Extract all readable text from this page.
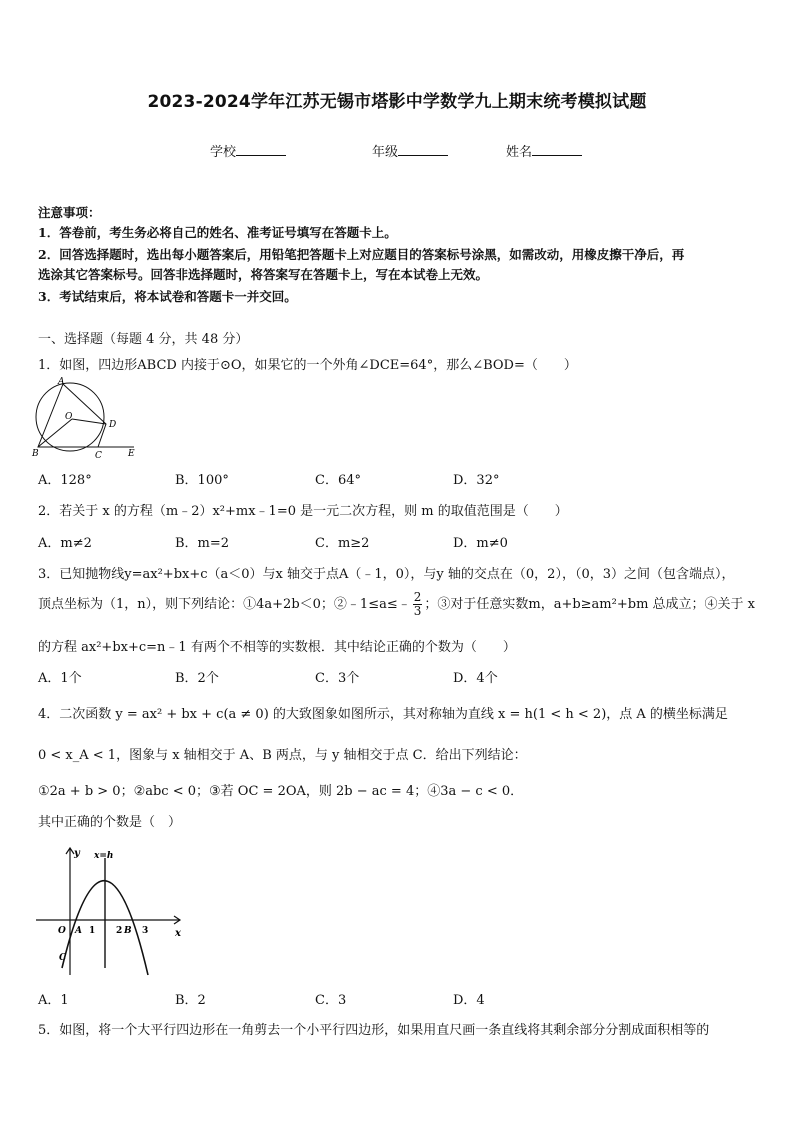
2023-2024学年江苏无锡市塔影中学数学九上期末统考模拟试题
学校	年级	姓名
注意事项：
1．答卷前，考生务必将自己的姓名、准考证号填写在答题卡上。
2．回答选择题时，选出每小题答案后，用铅笔把答题卡上对应题目的答案标号涂黑，如需改动，用橡皮擦干净后，再
选涂其它答案标号。回答非选择题时，将答案写在答题卡上，写在本试卷上无效。
3．考试结束后，将本试卷和答题卡一并交回。
一、选择题（每题 4 分，共 48 分）
1．如图，四边形ABCD 内接于⊙O，如果它的一个外角∠DCE=64°，那么∠BOD=（　　）
A
B	C
D
E
O
A．128°	B．100°	C．64°	D．32°
2．若关于 x 的方程（m﹣2）x²+mx﹣1=0 是一元二次方程，则 m 的取值范围是（　　）
A．m≠2	B．m=2	C．m≥2	D．m≠0
3．已知抛物线y=ax²+bx+c（a＜0）与x 轴交于点A（﹣1，0），与y 轴的交点在（0，2），（0，3）之间（包含端点），
顶点坐标为（1，n），则下列结论：①4a+2b＜0；②﹣1≤a≤﹣ $\frac{2}{3}$ ；③对于任意实数m，a+b≥am²+bm 总成立；④关于 x
的方程 ax²+bx+c=n﹣1 有两个不相等的实数根．其中结论正确的个数为（　　）
A．1个	B．2个	C．3个	D．4个
4．二次函数 y = ax² + bx + c(a ≠ 0) 的大致图象如图所示，其对称轴为直线 x = h(1 < h < 2)，点 A 的横坐标满足
0 < x_A < 1，图象与 x 轴相交于 A、B 两点，与 y 轴相交于点 C．给出下列结论：
①2a + b > 0；②abc < 0；③若 OC = 2OA，则 2b − ac = 4；④3a − c < 0．
其中正确的个数是（　）
y
x
x=h
O A 1 2 B 3
C
A．1	B．2	C．3	D．4
5．如图，将一个大平行四边形在一角剪去一个小平行四边形，如果用直尺画一条直线将其剩余部分分割成面积相等的
